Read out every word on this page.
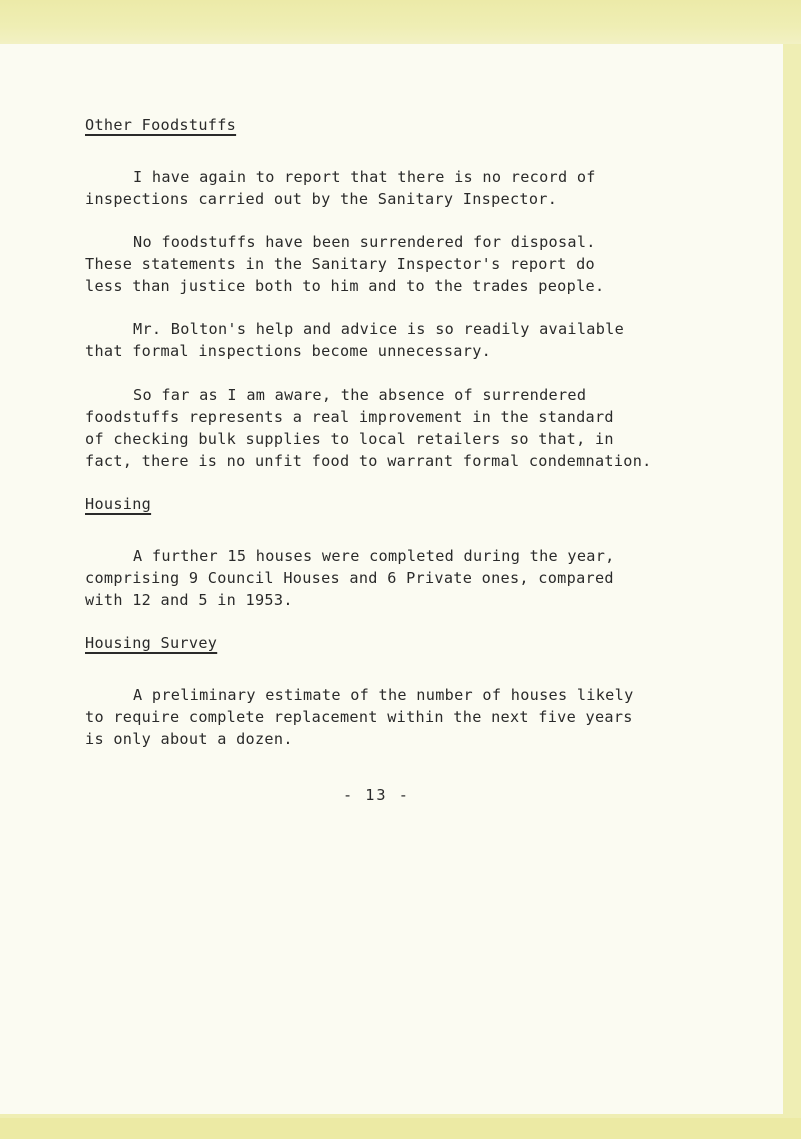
Other Foodstuffs
I have again to report that there is no record of
inspections carried out by the Sanitary Inspector.
No foodstuffs have been surrendered for disposal.
These statements in the Sanitary Inspector's report do
less than justice both to him and to the trades people.
Mr. Bolton's help and advice is so readily available
that formal inspections become unnecessary.
So far as I am aware, the absence of surrendered
foodstuffs represents a real improvement in the standard
of checking bulk supplies to local retailers so that, in
fact, there is no unfit food to warrant formal condemnation.
Housing
A further 15 houses were completed during the year,
comprising 9 Council Houses and 6 Private ones, compared
with 12 and 5 in 1953.
Housing Survey
A preliminary estimate of the number of houses likely
to require complete replacement within the next five years
is only about a dozen.
- 13 -
